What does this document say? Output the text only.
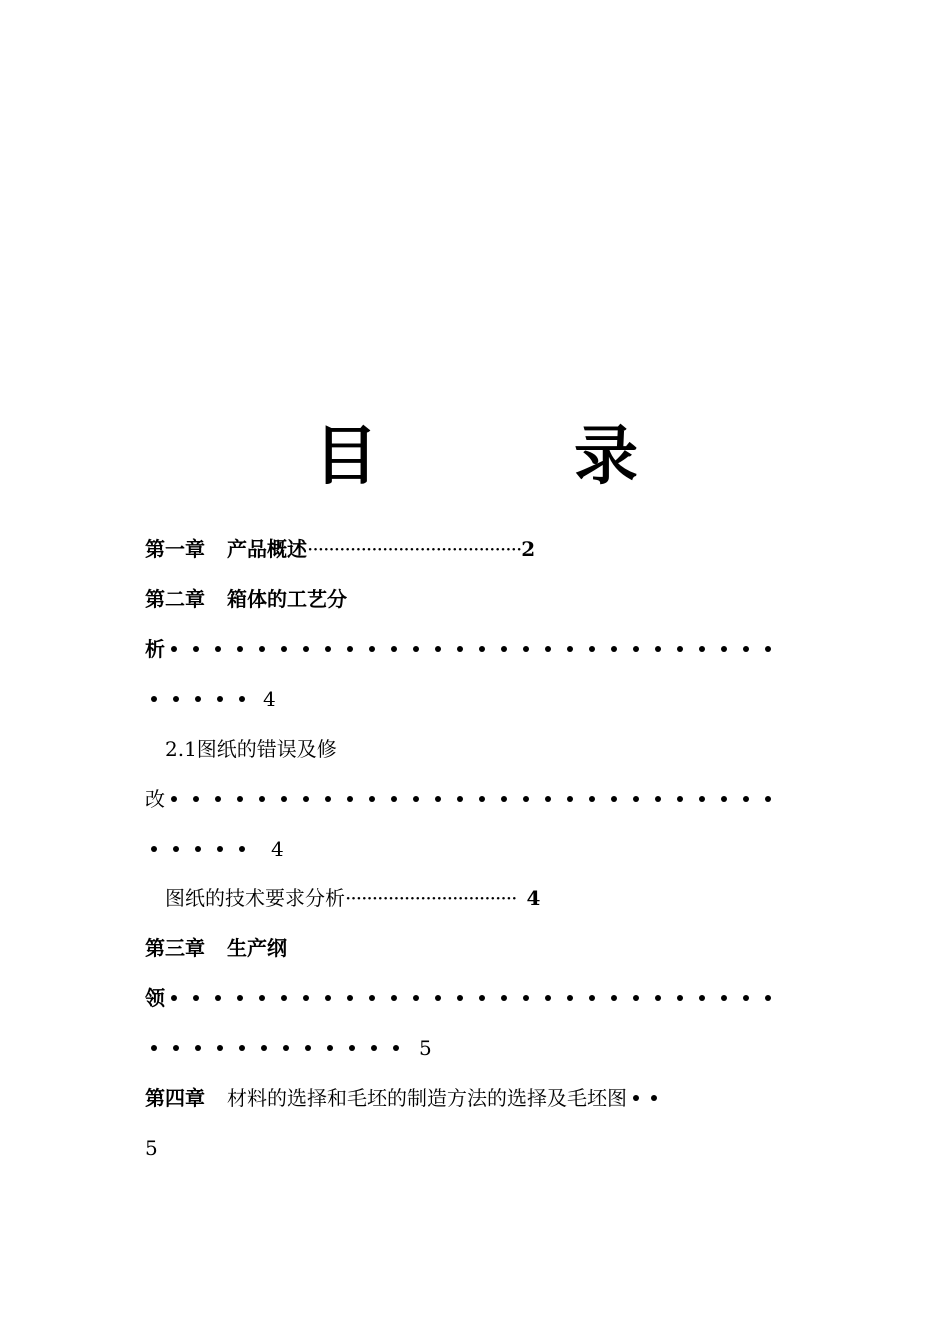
目	录
第一章 产品概述········································2
第二章 箱体的工艺分
析
4
2.1图纸的错误及修
改
4
图纸的技术要求分析································ 4
第三章 生产纲
领
5
第四章 材料的选择和毛坯的制造方法的选择及毛坯图
5
